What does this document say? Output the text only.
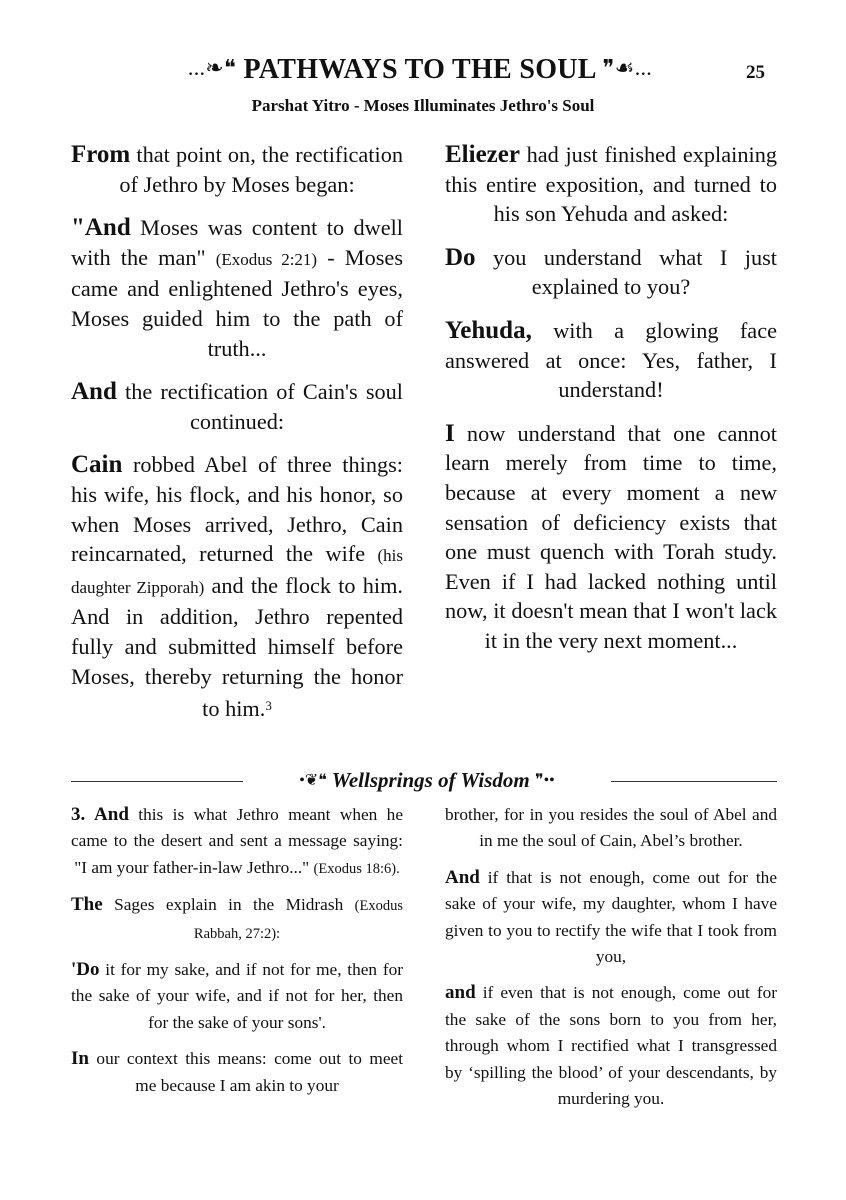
...❧❝ PATHWAYS TO THE SOUL ❞☙...	25
Parshat Yitro - Moses Illuminates Jethro's Soul

From that point on, the rectification of Jethro by Moses began:

"And Moses was content to dwell with the man" (Exodus 2:21) - Moses came and enlightened Jethro's eyes, Moses guided him to the path of truth...

And the rectification of Cain's soul continued:

Cain robbed Abel of three things: his wife, his flock, and his honor, so when Moses arrived, Jethro, Cain reincarnated, returned the wife (his daughter Zipporah) and the flock to him. And in addition, Jethro repented fully and submitted himself before Moses, thereby returning the honor to him.$^3$

Eliezer had just finished explaining this entire exposition, and turned to his son Yehuda and asked:

Do you understand what I just explained to you?

Yehuda, with a glowing face answered at once: Yes, father, I understand!

I now understand that one cannot learn merely from time to time, because at every moment a new sensation of deficiency exists that one must quench with Torah study. Even if I had lacked nothing until now, it doesn't mean that I won't lack it in the very next moment...

•❦❝ Wellsprings of Wisdom ❞••

3. And this is what Jethro meant when he came to the desert and sent a message saying: "I am your father-in-law Jethro..." (Exodus 18:6).

The Sages explain in the Midrash (Exodus Rabbah, 27:2):

'Do it for my sake, and if not for me, then for the sake of your wife, and if not for her, then for the sake of your sons'.

In our context this means: come out to meet me because I am akin to your

brother, for in you resides the soul of Abel and in me the soul of Cain, Abel’s brother.

And if that is not enough, come out for the sake of your wife, my daughter, whom I have given to you to rectify the wife that I took from you,

and if even that is not enough, come out for the sake of the sons born to you from her, through whom I rectified what I transgressed by ‘spilling the blood’ of your descendants, by murdering you.
